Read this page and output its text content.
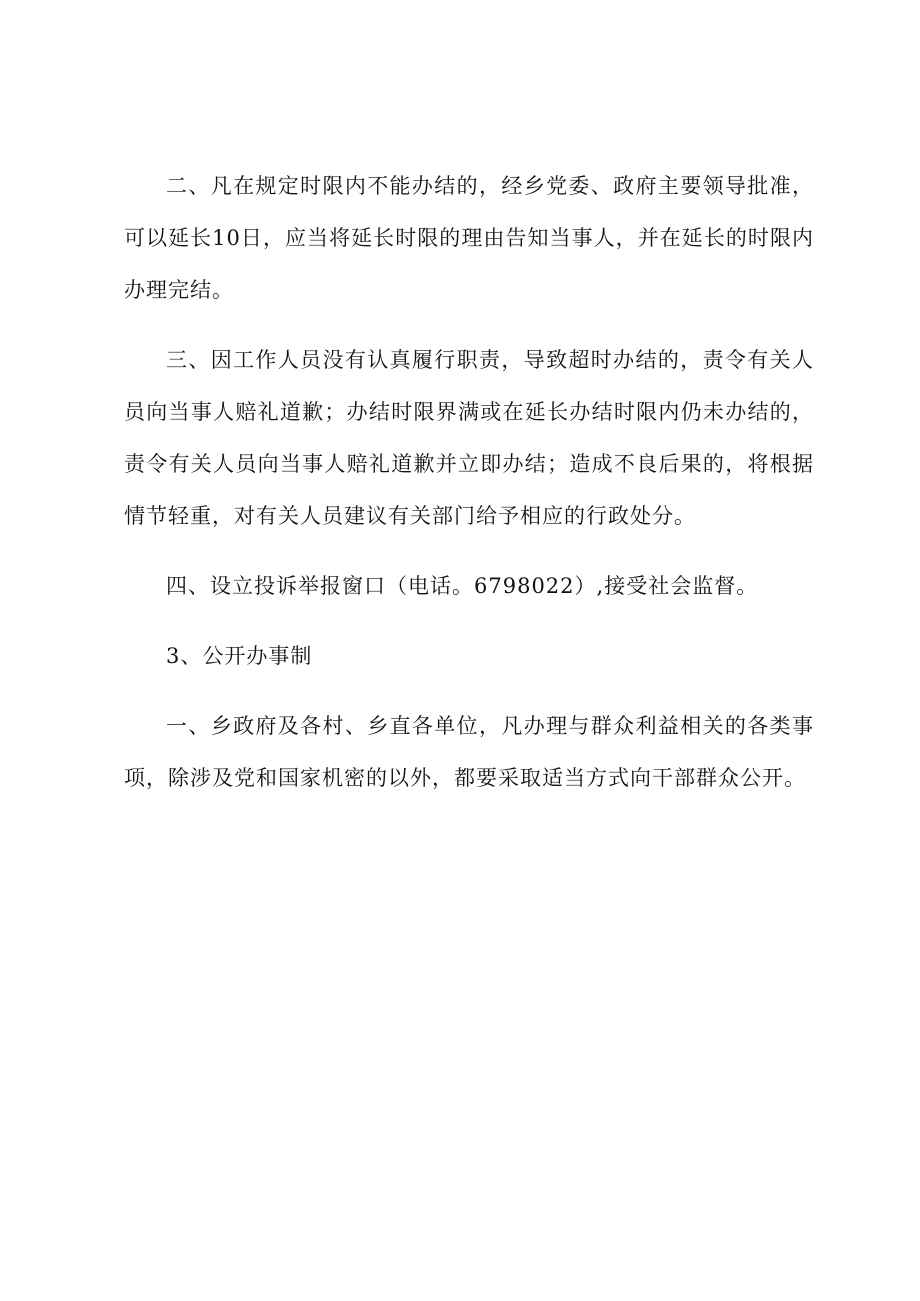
二、凡在规定时限内不能办结的，经乡党委、政府主要领导批准，可以延长10日，应当将延长时限的理由告知当事人，并在延长的时限内办理完结。

三、因工作人员没有认真履行职责，导致超时办结的，责令有关人员向当事人赔礼道歉；办结时限界满或在延长办结时限内仍未办结的，责令有关人员向当事人赔礼道歉并立即办结；造成不良后果的，将根据情节轻重，对有关人员建议有关部门给予相应的行政处分。

四、设立投诉举报窗口（电话。6798022）,接受社会监督。

3、公开办事制

一、乡政府及各村、乡直各单位，凡办理与群众利益相关的各类事项，除涉及党和国家机密的以外，都要采取适当方式向干部群众公开。
